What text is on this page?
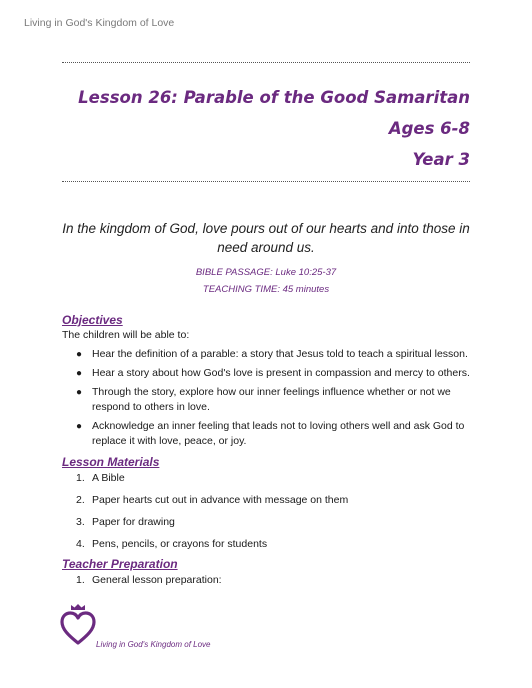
Living in God's Kingdom of Love
Lesson 26: Parable of the Good Samaritan
Ages 6-8
Year 3
In the kingdom of God, love pours out of our hearts and into those in need around us.
BIBLE PASSAGE: Luke 10:25-37
TEACHING TIME: 45 minutes
Objectives
The children will be able to:
● Hear the definition of a parable: a story that Jesus told to teach a spiritual lesson.
● Hear a story about how God's love is present in compassion and mercy to others.
● Through the story, explore how our inner feelings influence whether or not we respond to others in love.
● Acknowledge an inner feeling that leads not to loving others well and ask God to replace it with love, peace, or joy.
Lesson Materials
1. A Bible
2. Paper hearts cut out in advance with message on them
3. Paper for drawing
4. Pens, pencils, or crayons for students
Teacher Preparation
1. General lesson preparation:
Living in God's Kingdom of Love
